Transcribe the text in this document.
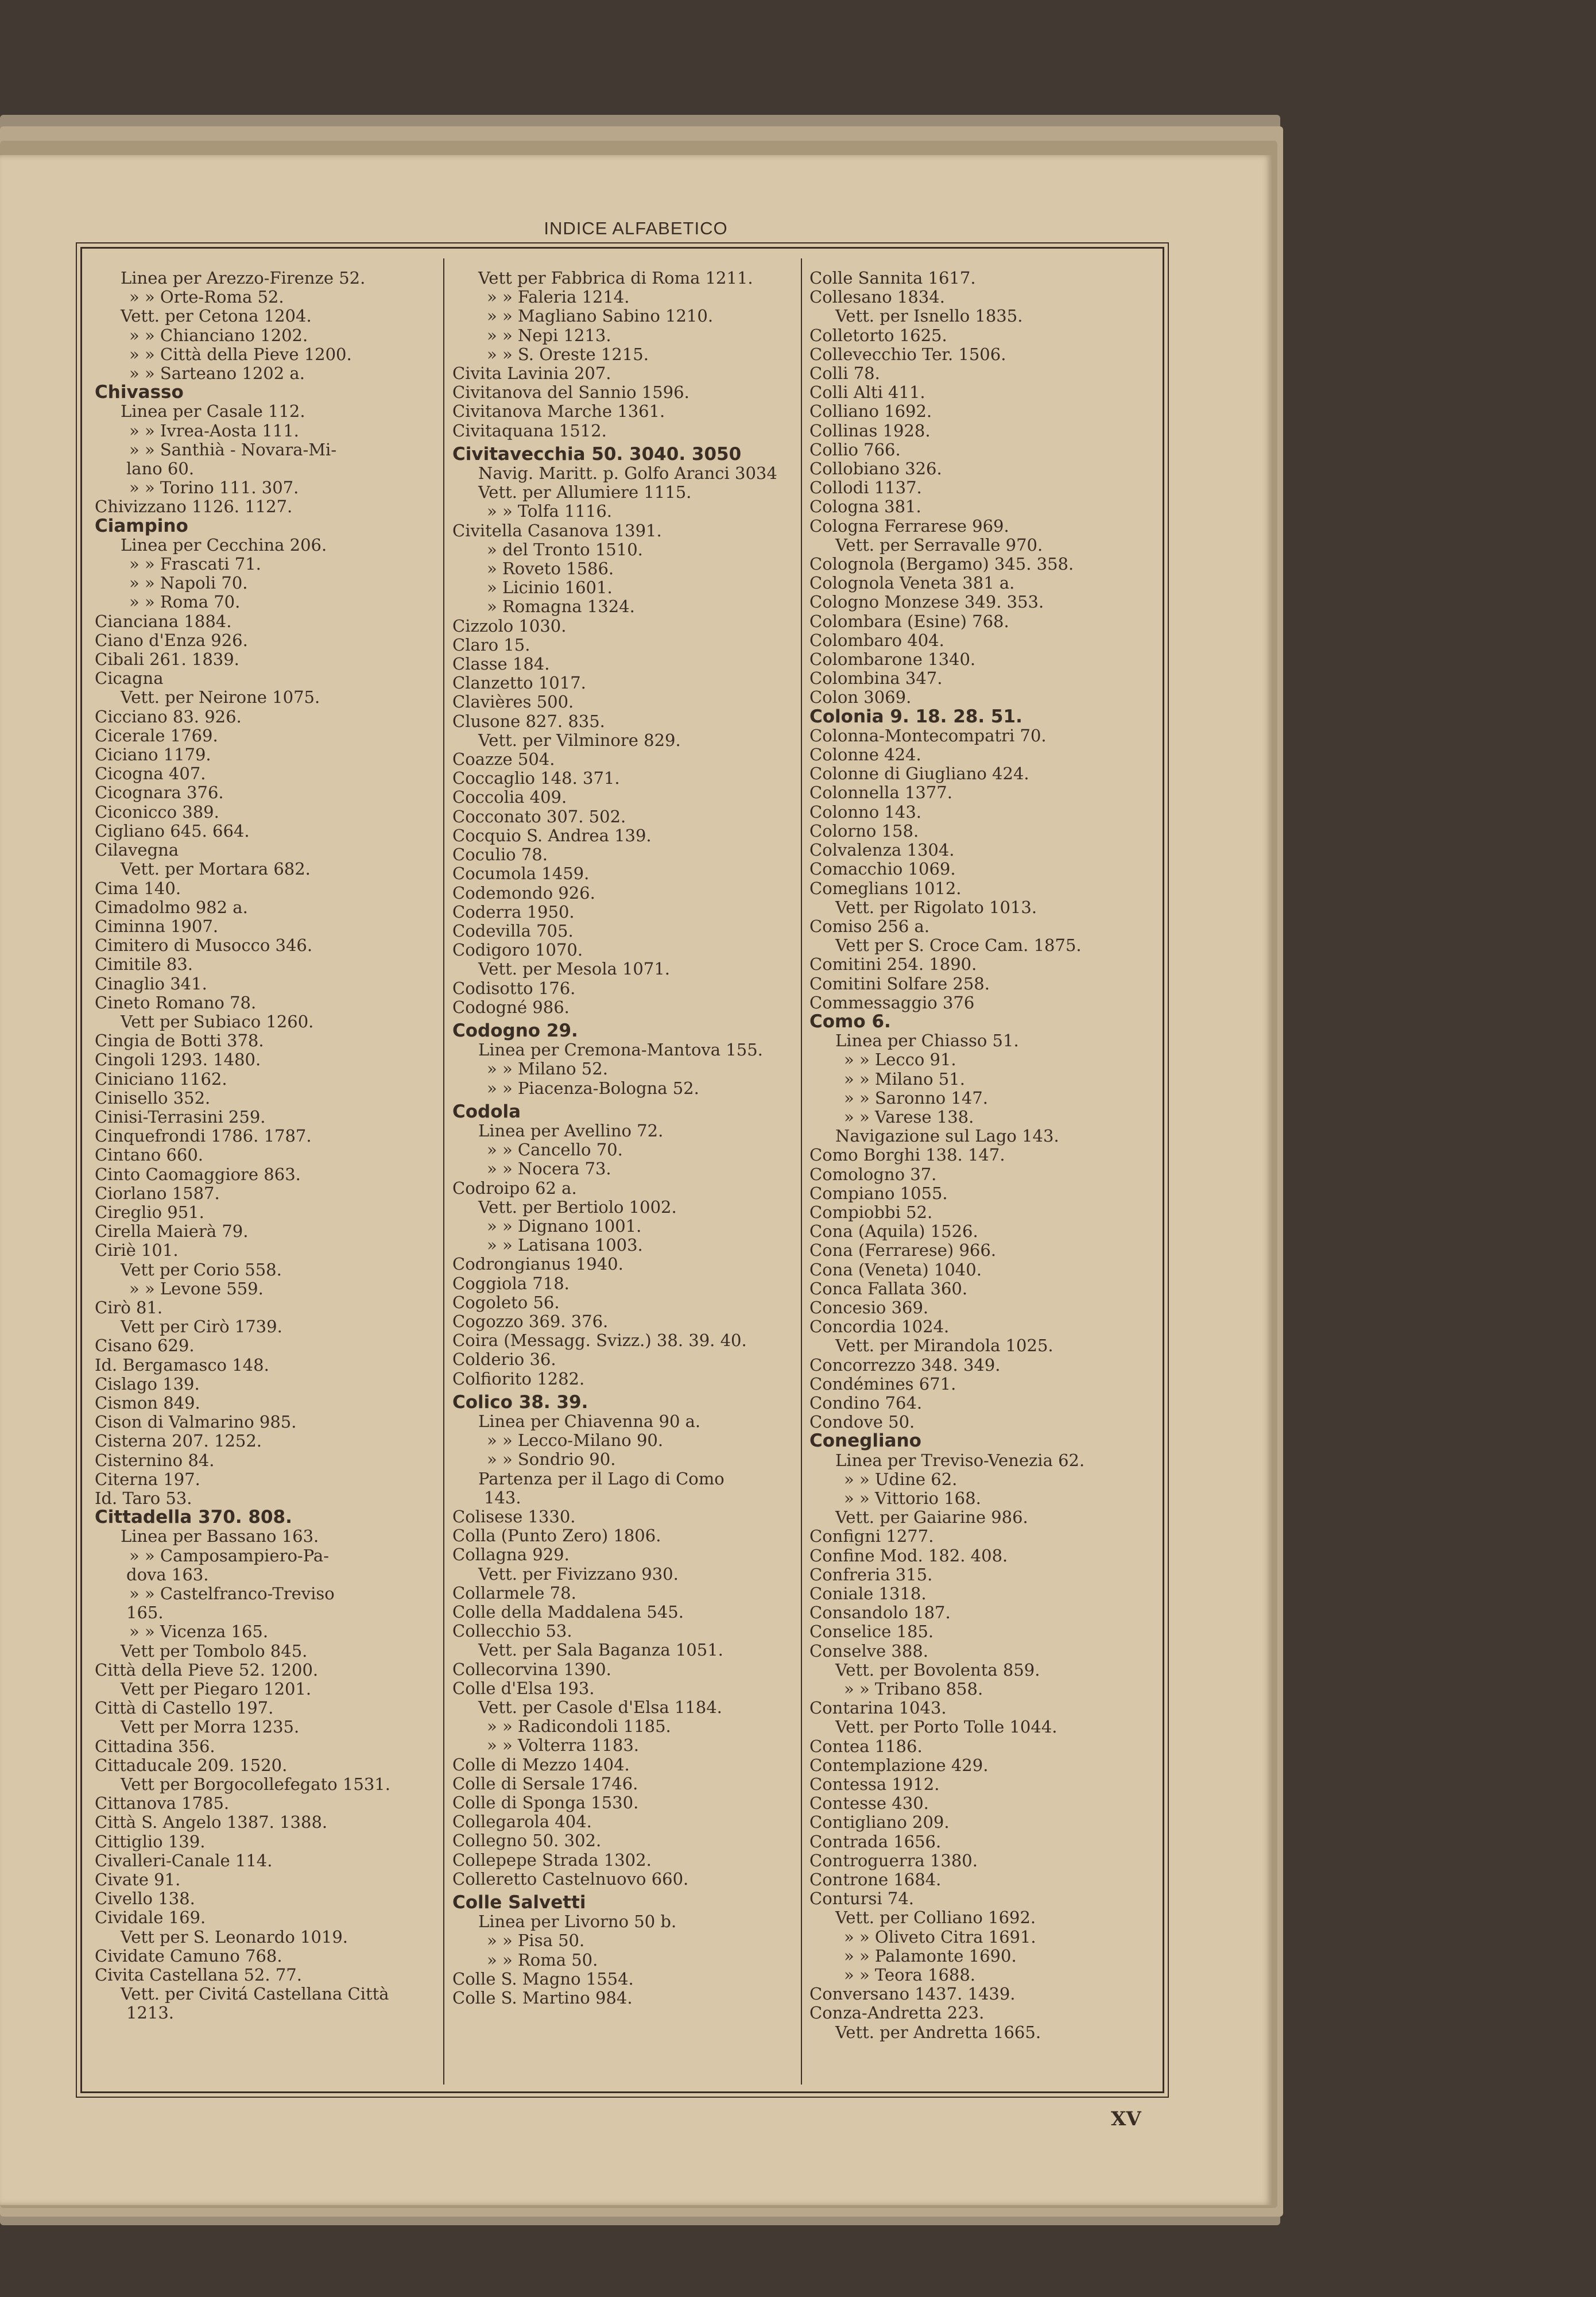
INDICE ALFABETICO
Linea per Arezzo-Firenze 52.
» » Orte-Roma 52.
Vett. per Cetona 1204.
» » Chianciano 1202.
» » Città della Pieve 1200.
» » Sarteano 1202 a.
Chivasso
Linea per Casale 112.
» » Ivrea-Aosta 111.
» » Santhià - Novara-Mi-
lano 60.
» » Torino 111. 307.
Chivizzano 1126. 1127.
Ciampino
Linea per Cecchina 206.
» » Frascati 71.
» » Napoli 70.
» » Roma 70.
Cianciana 1884.
Ciano d'Enza 926.
Cibali 261. 1839.
Cicagna
Vett. per Neirone 1075.
Cicciano 83. 926.
Cicerale 1769.
Ciciano 1179.
Cicogna 407.
Cicognara 376.
Ciconicco 389.
Cigliano 645. 664.
Cilavegna
Vett. per Mortara 682.
Cima 140.
Cimadolmo 982 a.
Ciminna 1907.
Cimitero di Musocco 346.
Cimitile 83.
Cinaglio 341.
Cineto Romano 78.
Vett per Subiaco 1260.
Cingia de Botti 378.
Cingoli 1293. 1480.
Ciniciano 1162.
Cinisello 352.
Cinisi-Terrasini 259.
Cinquefrondi 1786. 1787.
Cintano 660.
Cinto Caomaggiore 863.
Ciorlano 1587.
Cireglio 951.
Cirella Maierà 79.
Ciriè 101.
Vett per Corio 558.
» » Levone 559.
Cirò 81.
Vett per Cirò 1739.
Cisano 629.
Id. Bergamasco 148.
Cislago 139.
Cismon 849.
Cison di Valmarino 985.
Cisterna 207. 1252.
Cisternino 84.
Citerna 197.
Id. Taro 53.
Cittadella 370. 808.
Linea per Bassano 163.
» » Camposampiero-Pa-
dova 163.
» » Castelfranco-Treviso
165.
» » Vicenza 165.
Vett per Tombolo 845.
Città della Pieve 52. 1200.
Vett per Piegaro 1201.
Città di Castello 197.
Vett per Morra 1235.
Cittadina 356.
Cittaducale 209. 1520.
Vett per Borgocollefegato 1531.
Cittanova 1785.
Città S. Angelo 1387. 1388.
Cittiglio 139.
Civalleri-Canale 114.
Civate 91.
Civello 138.
Cividale 169.
Vett per S. Leonardo 1019.
Cividate Camuno 768.
Civita Castellana 52. 77.
Vett. per Civitá Castellana Città
1213.
Vett per Fabbrica di Roma 1211.
» » Faleria 1214.
» » Magliano Sabino 1210.
» » Nepi 1213.
» » S. Oreste 1215.
Civita Lavinia 207.
Civitanova del Sannio 1596.
Civitanova Marche 1361.
Civitaquana 1512.
Civitavecchia 50. 3040. 3050
Navig. Maritt. p. Golfo Aranci 3034
Vett. per Allumiere 1115.
» » Tolfa 1116.
Civitella Casanova 1391.
» del Tronto 1510.
» Roveto 1586.
» Licinio 1601.
» Romagna 1324.
Cizzolo 1030.
Claro 15.
Classe 184.
Clanzetto 1017.
Clavières 500.
Clusone 827. 835.
Vett. per Vilminore 829.
Coazze 504.
Coccaglio 148. 371.
Coccolia 409.
Cocconato 307. 502.
Cocquio S. Andrea 139.
Coculio 78.
Cocumola 1459.
Codemondo 926.
Coderra 1950.
Codevilla 705.
Codigoro 1070.
Vett. per Mesola 1071.
Codisotto 176.
Codogné 986.
Codogno 29.
Linea per Cremona-Mantova 155.
» » Milano 52.
» » Piacenza-Bologna 52.
Codola
Linea per Avellino 72.
» » Cancello 70.
» » Nocera 73.
Codroipo 62 a.
Vett. per Bertiolo 1002.
» » Dignano 1001.
» » Latisana 1003.
Codrongianus 1940.
Coggiola 718.
Cogoleto 56.
Cogozzo 369. 376.
Coira (Messagg. Svizz.) 38. 39. 40.
Colderio 36.
Colfiorito 1282.
Colico 38. 39.
Linea per Chiavenna 90 a.
» » Lecco-Milano 90.
» » Sondrio 90.
Partenza per il Lago di Como
143.
Colisese 1330.
Colla (Punto Zero) 1806.
Collagna 929.
Vett. per Fivizzano 930.
Collarmele 78.
Colle della Maddalena 545.
Collecchio 53.
Vett. per Sala Baganza 1051.
Collecorvina 1390.
Colle d'Elsa 193.
Vett. per Casole d'Elsa 1184.
» » Radicondoli 1185.
» » Volterra 1183.
Colle di Mezzo 1404.
Colle di Sersale 1746.
Colle di Sponga 1530.
Collegarola 404.
Collegno 50. 302.
Collepepe Strada 1302.
Colleretto Castelnuovo 660.
Colle Salvetti
Linea per Livorno 50 b.
» » Pisa 50.
» » Roma 50.
Colle S. Magno 1554.
Colle S. Martino 984.
Colle Sannita 1617.
Collesano 1834.
Vett. per Isnello 1835.
Colletorto 1625.
Collevecchio Ter. 1506.
Colli 78.
Colli Alti 411.
Colliano 1692.
Collinas 1928.
Collio 766.
Collobiano 326.
Collodi 1137.
Cologna 381.
Cologna Ferrarese 969.
Vett. per Serravalle 970.
Colognola (Bergamo) 345. 358.
Colognola Veneta 381 a.
Cologno Monzese 349. 353.
Colombara (Esine) 768.
Colombaro 404.
Colombarone 1340.
Colombina 347.
Colon 3069.
Colonia 9. 18. 28. 51.
Colonna-Montecompatri 70.
Colonne 424.
Colonne di Giugliano 424.
Colonnella 1377.
Colonno 143.
Colorno 158.
Colvalenza 1304.
Comacchio 1069.
Comeglians 1012.
Vett. per Rigolato 1013.
Comiso 256 a.
Vett per S. Croce Cam. 1875.
Comitini 254. 1890.
Comitini Solfare 258.
Commessaggio 376
Como 6.
Linea per Chiasso 51.
» » Lecco 91.
» » Milano 51.
» » Saronno 147.
» » Varese 138.
Navigazione sul Lago 143.
Como Borghi 138. 147.
Comologno 37.
Compiano 1055.
Compiobbi 52.
Cona (Aquila) 1526.
Cona (Ferrarese) 966.
Cona (Veneta) 1040.
Conca Fallata 360.
Concesio 369.
Concordia 1024.
Vett. per Mirandola 1025.
Concorrezzo 348. 349.
Condémines 671.
Condino 764.
Condove 50.
Conegliano
Linea per Treviso-Venezia 62.
» » Udine 62.
» » Vittorio 168.
Vett. per Gaiarine 986.
Configni 1277.
Confine Mod. 182. 408.
Confreria 315.
Coniale 1318.
Consandolo 187.
Conselice 185.
Conselve 388.
Vett. per Bovolenta 859.
» » Tribano 858.
Contarina 1043.
Vett. per Porto Tolle 1044.
Contea 1186.
Contemplazione 429.
Contessa 1912.
Contesse 430.
Contigliano 209.
Contrada 1656.
Controguerra 1380.
Controne 1684.
Contursi 74.
Vett. per Colliano 1692.
» » Oliveto Citra 1691.
» » Palamonte 1690.
» » Teora 1688.
Conversano 1437. 1439.
Conza-Andretta 223.
Vett. per Andretta 1665.
XV
